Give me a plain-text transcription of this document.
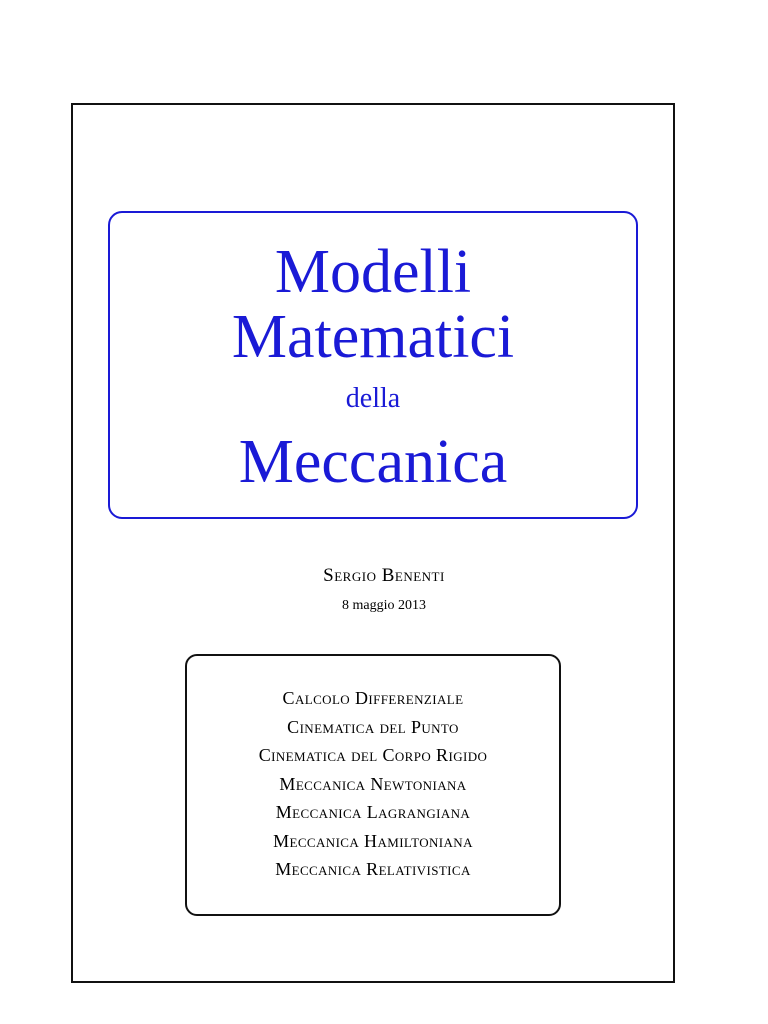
Modelli
Matematici
della
Meccanica
Sergio Benenti
8 maggio 2013
Calcolo Differenziale
Cinematica del Punto
Cinematica del Corpo Rigido
Meccanica Newtoniana
Meccanica Lagrangiana
Meccanica Hamiltoniana
Meccanica Relativistica
